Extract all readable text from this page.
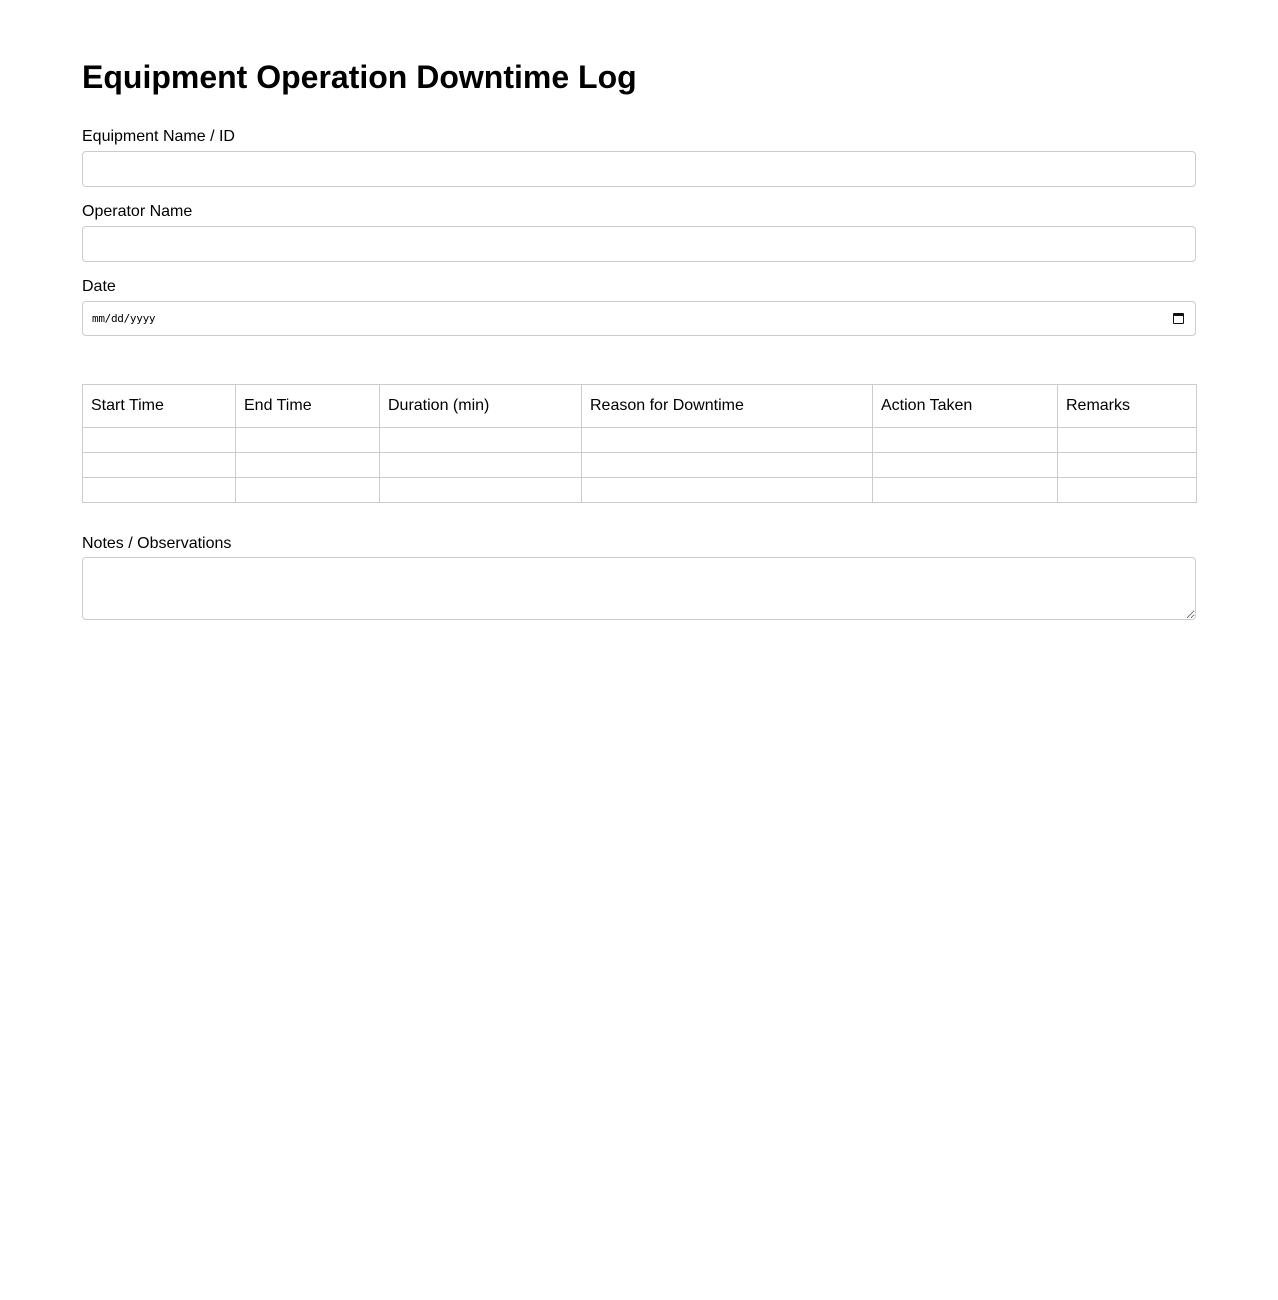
Equipment Operation Downtime Log
Equipment Name / ID
Operator Name
Date
mm/dd/yyyy
Start Time	End Time	Duration (min)	Reason for Downtime	Action Taken	Remarks

Notes / Observations
